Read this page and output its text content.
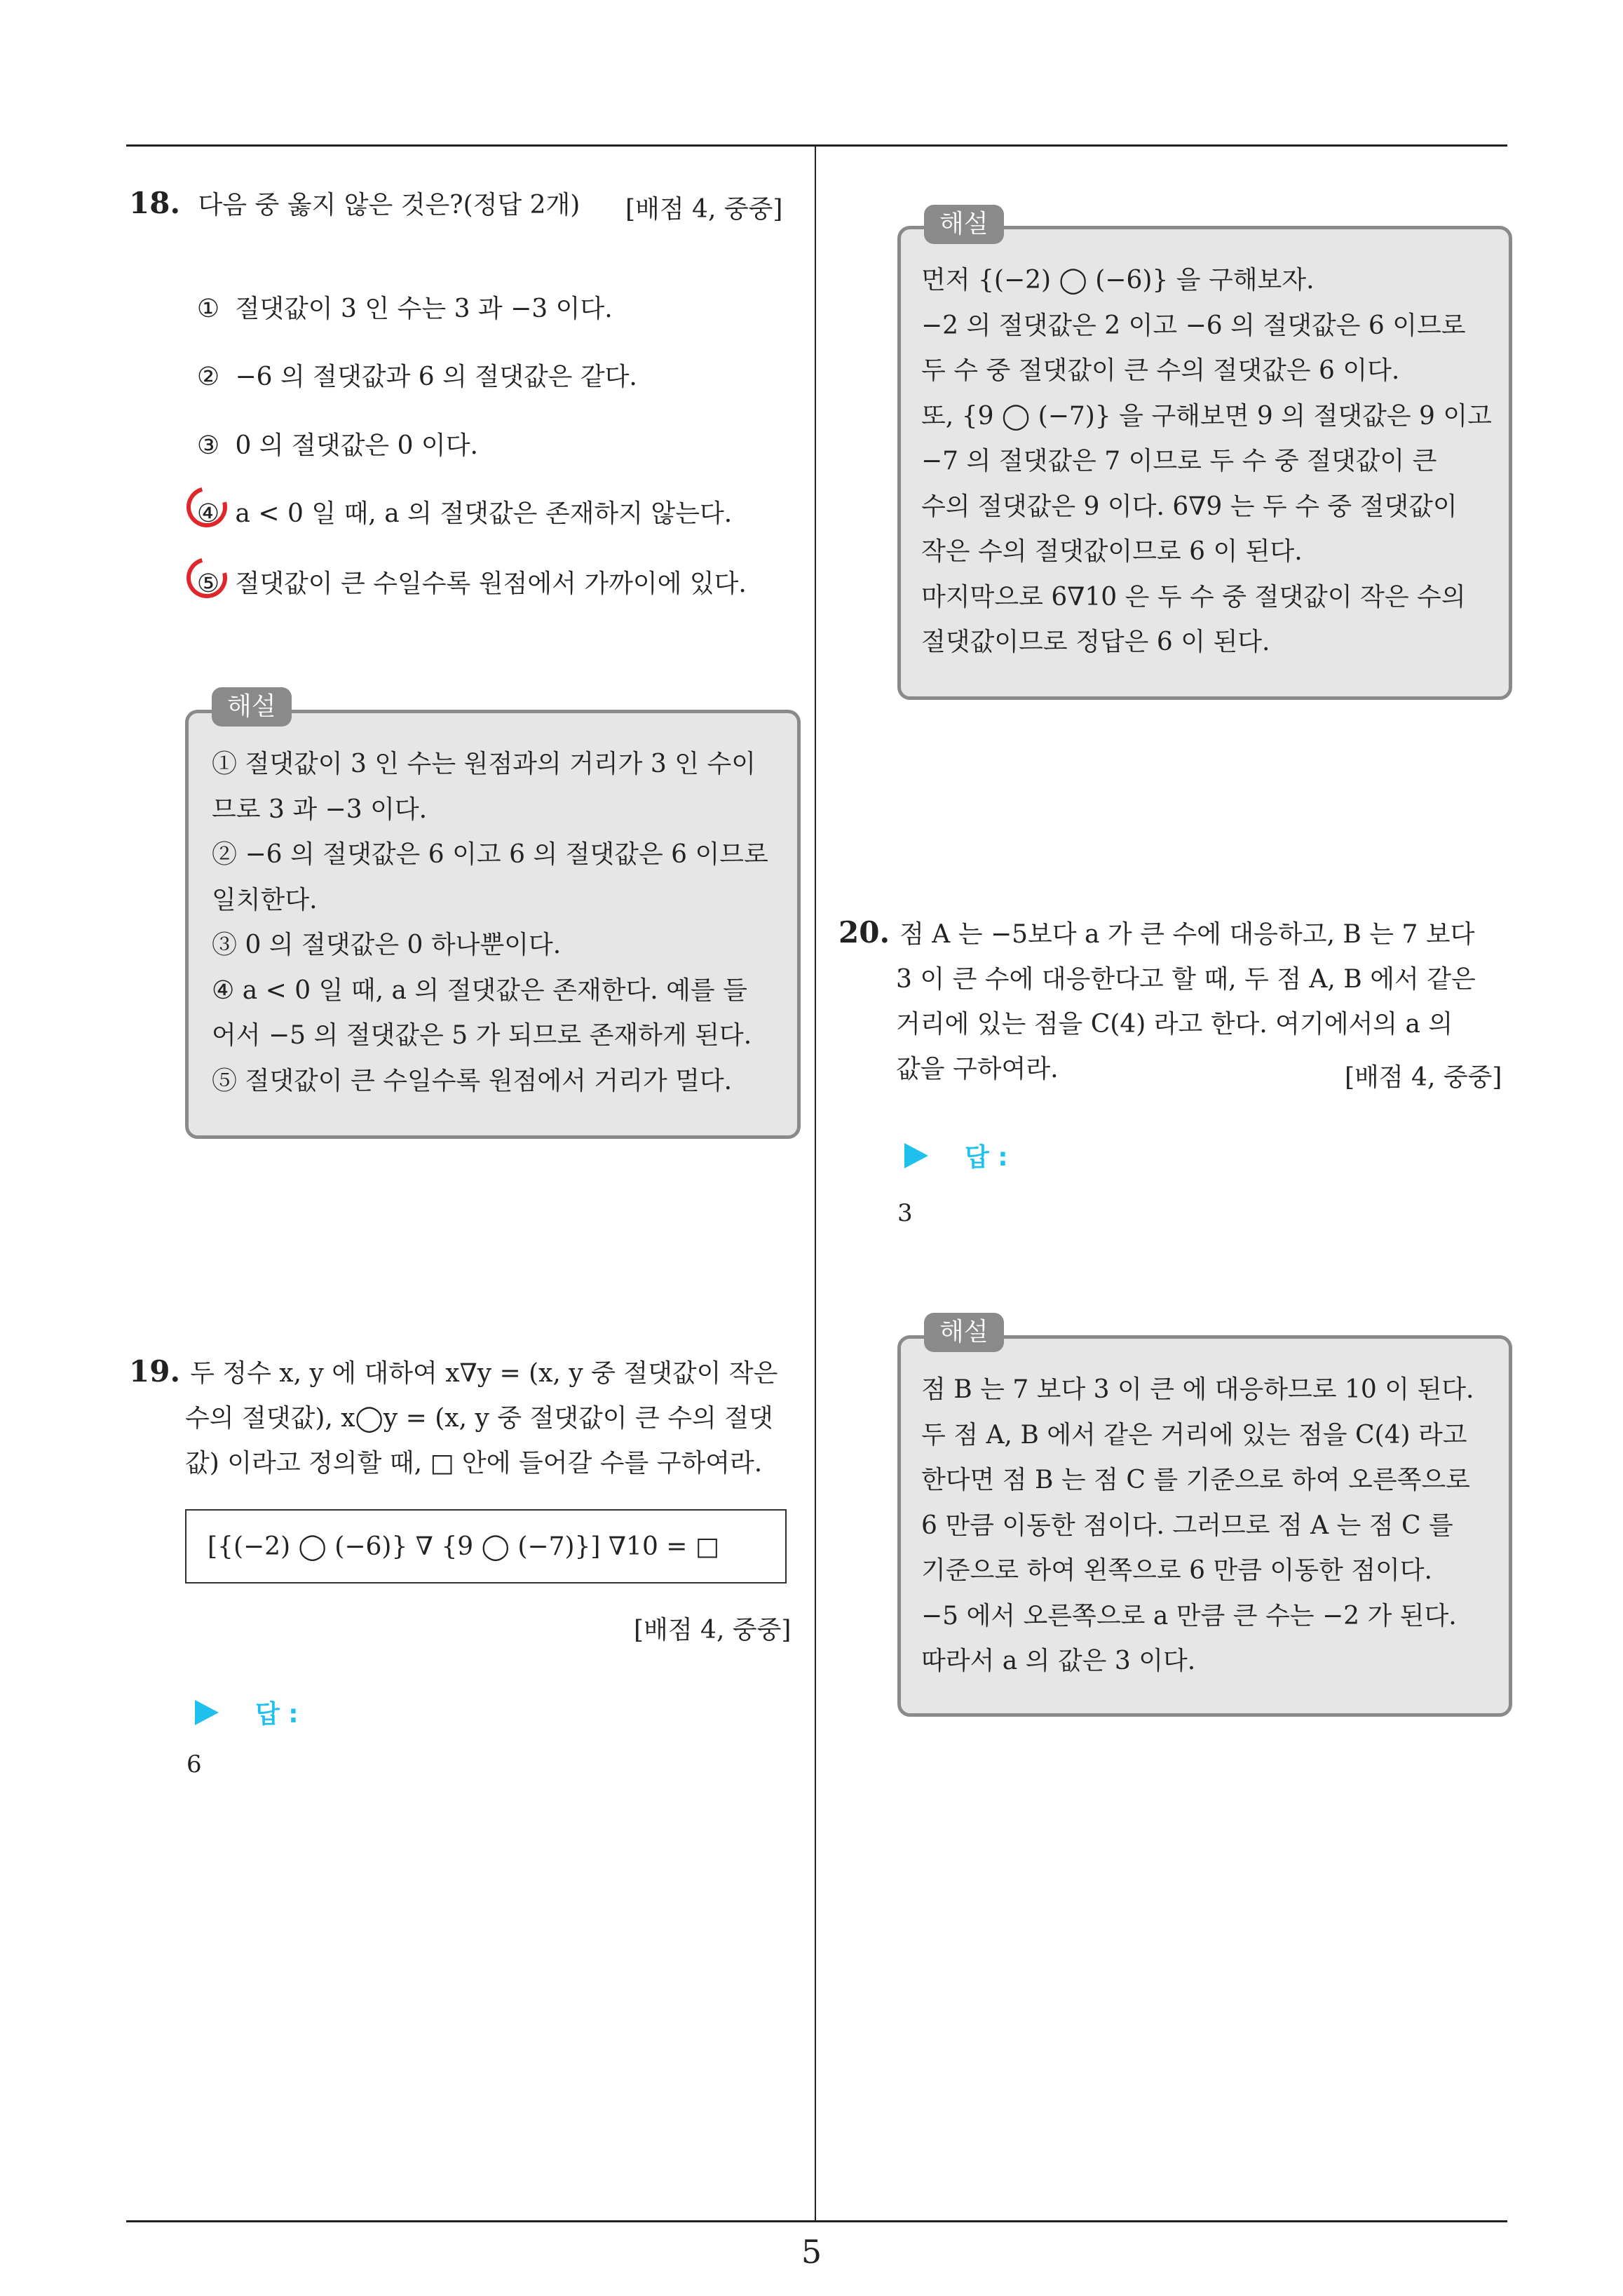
18. 다음 중 옳지 않은 것은?(정답 2개) [배점 4, 중중]
① 절댓값이 3 인 수는 3 과 −3 이다.
② −6 의 절댓값과 6 의 절댓값은 같다.
③ 0 의 절댓값은 0 이다.
④ a < 0 일 때, a 의 절댓값은 존재하지 않는다.
⑤ 절댓값이 큰 수일수록 원점에서 가까이에 있다.
해설

① 절댓값이 3 인 수는 원점과의 거리가 3 인 수이

므로 3 과 −3 이다.

② −6 의 절댓값은 6 이고 6 의 절댓값은 6 이므로

일치한다.

③ 0 의 절댓값은 0 하나뿐이다.

④ a < 0 일 때, a 의 절댓값은 존재한다. 예를 들

어서 −5 의 절댓값은 5 가 되므로 존재하게 된다.

⑤ 절댓값이 큰 수일수록 원점에서 거리가 멀다.

19. 두 정수 x, y 에 대하여 x∇y = (x, y 중 절댓값이 작은

수의 절댓값), x◯y = (x, y 중 절댓값이 큰 수의 절댓

값) 이라고 정의할 때, □ 안에 들어갈 수를 구하여라.

[{(−2) ◯ (−6)} ∇ {9 ◯ (−7)}] ∇10 = □
[배점 4, 중중]
답 :
6
해설

먼저 {(−2) ◯ (−6)} 을 구해보자.

−2 의 절댓값은 2 이고 −6 의 절댓값은 6 이므로

두 수 중 절댓값이 큰 수의 절댓값은 6 이다.

또, {9 ◯ (−7)} 을 구해보면 9 의 절댓값은 9 이고

−7 의 절댓값은 7 이므로 두 수 중 절댓값이 큰

수의 절댓값은 9 이다. 6∇9 는 두 수 중 절댓값이

작은 수의 절댓값이므로 6 이 된다.

마지막으로 6∇10 은 두 수 중 절댓값이 작은 수의

절댓값이므로 정답은 6 이 된다.

20. 점 A 는 −5보다 a 가 큰 수에 대응하고, B 는 7 보다

3 이 큰 수에 대응한다고 할 때, 두 점 A, B 에서 같은

거리에 있는 점을 C(4) 라고 한다. 여기에서의 a 의

값을 구하여라.	[배점 4, 중중]
답 :
3
해설

점 B 는 7 보다 3 이 큰 에 대응하므로 10 이 된다.

두 점 A, B 에서 같은 거리에 있는 점을 C(4) 라고

한다면 점 B 는 점 C 를 기준으로 하여 오른쪽으로

6 만큼 이동한 점이다. 그러므로 점 A 는 점 C 를

기준으로 하여 왼쪽으로 6 만큼 이동한 점이다.

−5 에서 오른쪽으로 a 만큼 큰 수는 −2 가 된다.

따라서 a 의 값은 3 이다.

5
